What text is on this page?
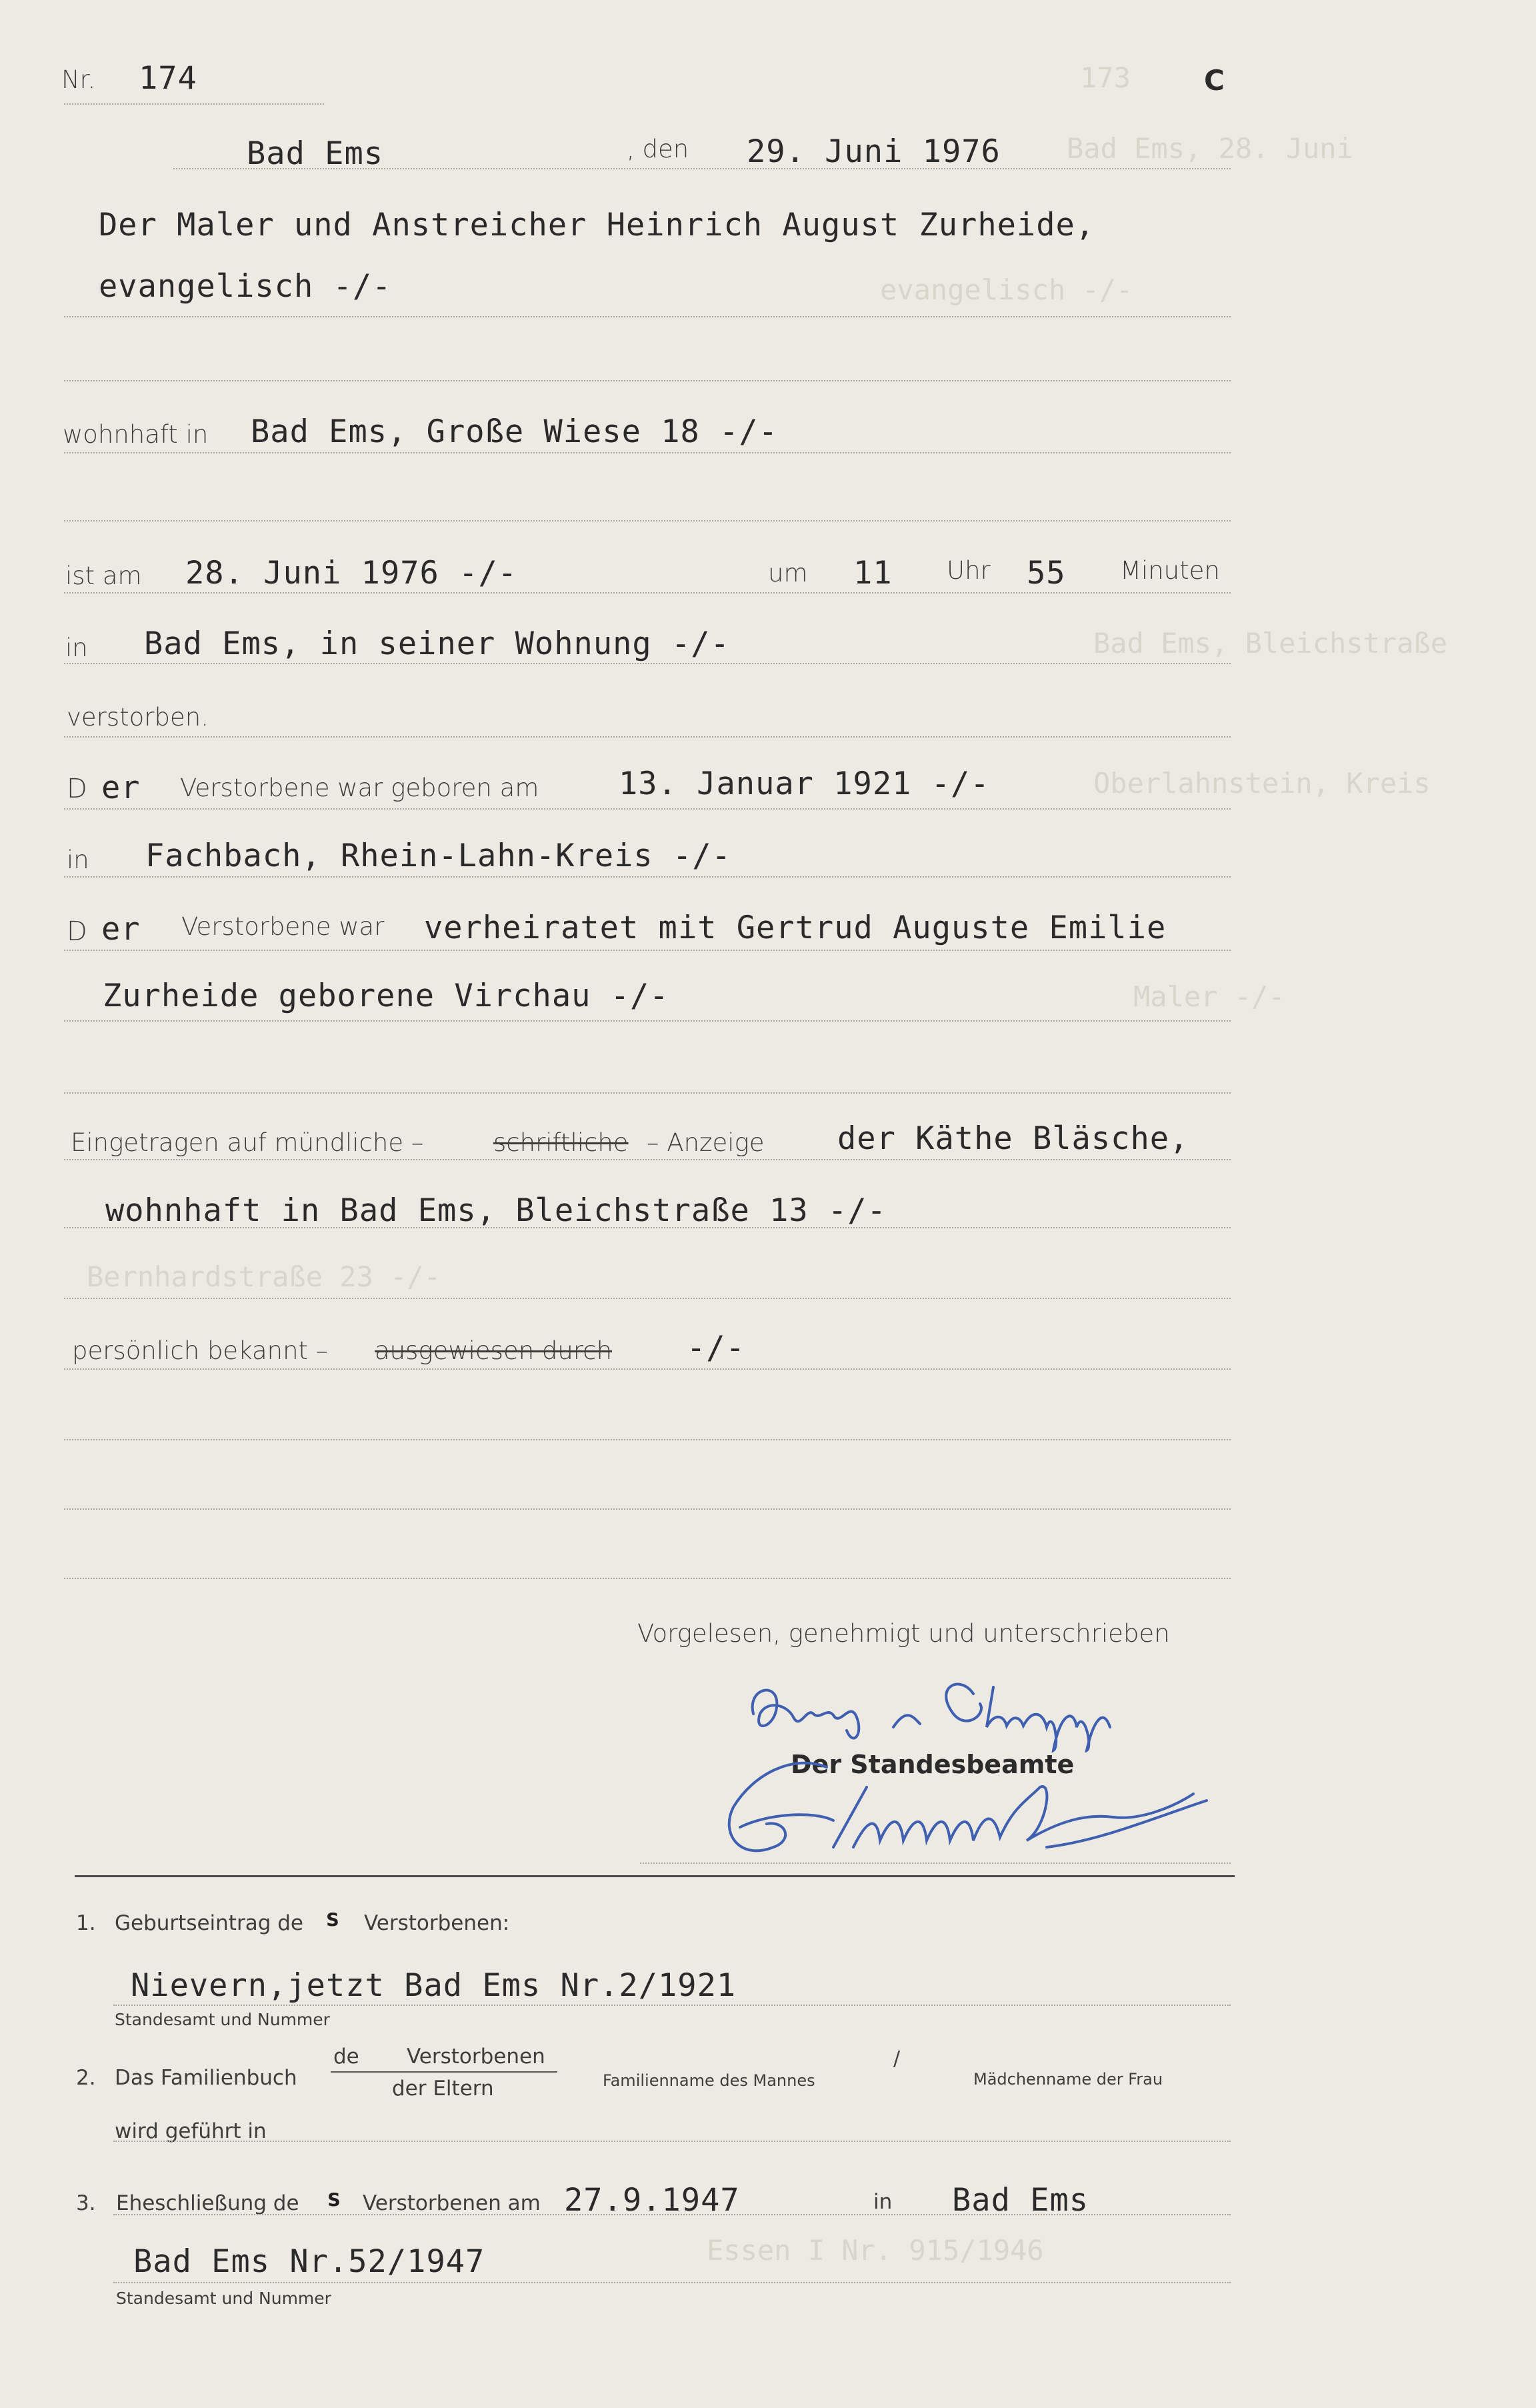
173
Bad Ems, 28. Juni
evangelisch -/-
Bad Ems, Bleichstraße
Oberlahnstein, Kreis
Maler -/-
Bernhardstraße 23 -/-
Essen I Nr. 915/1946
Nr. 174	C
Bad Ems	, den 29. Juni 1976
Der Maler und Anstreicher Heinrich August Zurheide,
evangelisch -/-
wohnhaft in Bad Ems, Große Wiese 18 -/-
ist am 28. Juni 1976 -/-	um 11 Uhr 55 Minuten
in Bad Ems, in seiner Wohnung -/-
verstorben.
D er Verstorbene war geboren am	13. Januar 1921 -/-
in Fachbach, Rhein-Lahn-Kreis -/-
D er Verstorbene war verheiratet mit Gertrud Auguste Emilie
Zurheide geborene Virchau -/-
Eingetragen auf mündliche –	schriftliche – Anzeige der Käthe Bläsche,
wohnhaft in Bad Ems, Bleichstraße 13 -/-
persönlich bekannt – ausgewiesen durch -/-
Vorgelesen, genehmigt und unterschrieben
Der Standesbeamte
1. Geburtseintrag de s Verstorbenen:
Nievern,jetzt Bad Ems Nr.2/1921
Standesamt und Nummer
2. Das Familienbuch
de Verstorbenen
der Eltern	Familienname des Mannes
/
Mädchenname der Frau
wird geführt in
3. Eheschließung de s Verstorbenen am 27.9.1947	in Bad Ems
Bad Ems Nr.52/1947
Standesamt und Nummer
